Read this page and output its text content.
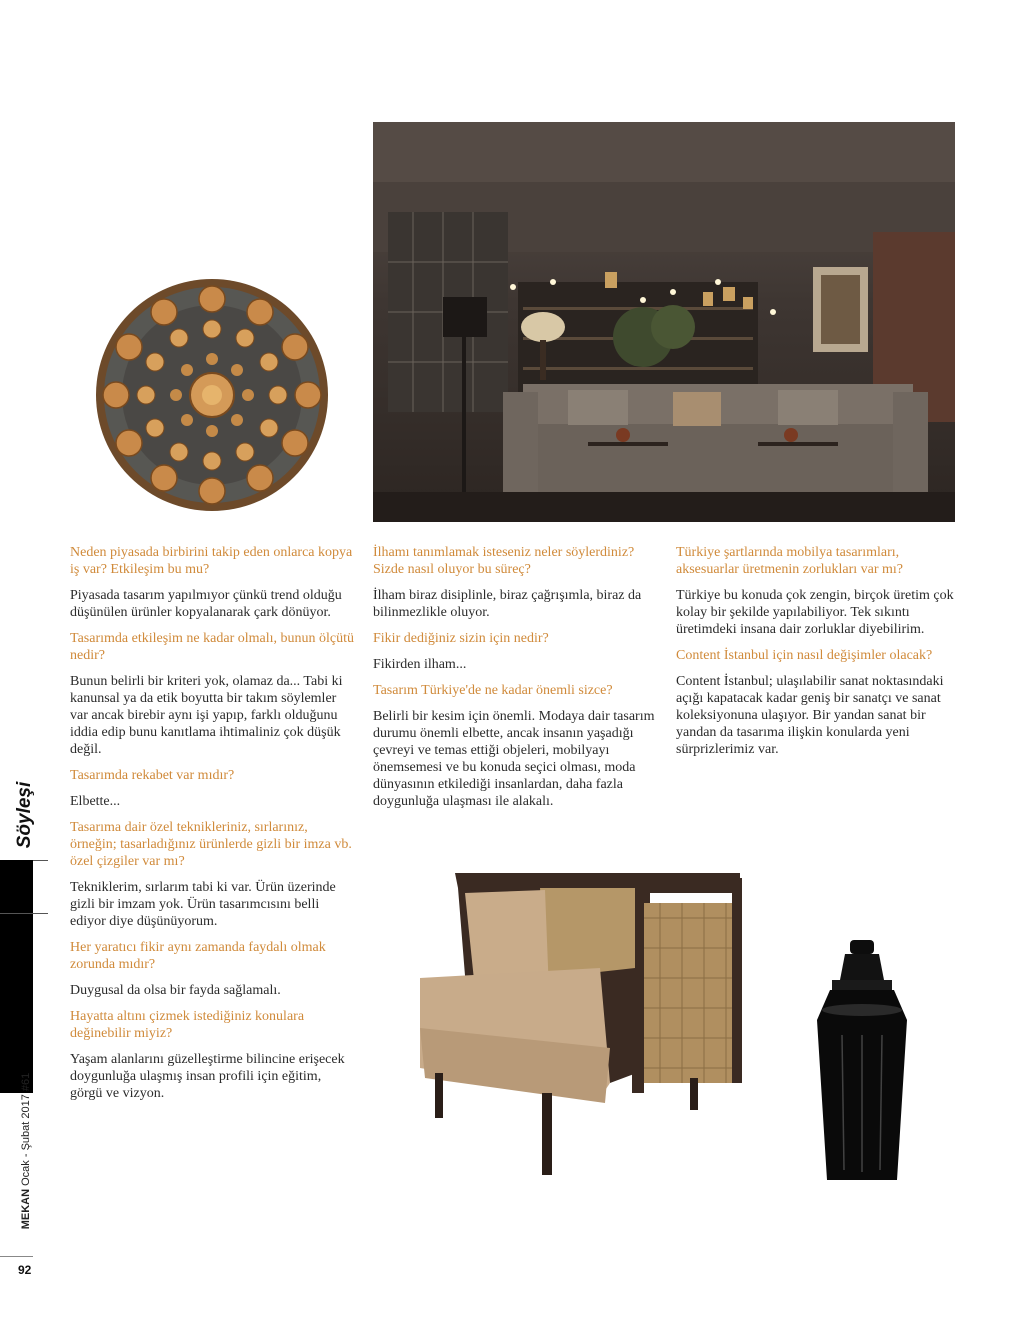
Söyleşi
MEKAN Ocak - Şubat 2017 #61
92

Neden piyasada birbirini takip eden onlarca kopya iş var? Etkileşim bu mu?

Piyasada tasarım yapılmıyor çünkü trend olduğu düşünülen ürünler kopyalanarak çark dönüyor.

Tasarımda etkileşim ne kadar olmalı, bunun ölçütü nedir?

Bunun belirli bir kriteri yok, olamaz da... Tabi ki kanunsal ya da etik boyutta bir takım söylemler var ancak birebir aynı işi yapıp, farklı olduğunu iddia edip bunu kanıtlama ihtimaliniz çok düşük değil.

Tasarımda rekabet var mıdır?

Elbette...

Tasarıma dair özel teknikleriniz, sırlarınız, örneğin; tasarladığınız ürünlerde gizli bir imza vb. özel çizgiler var mı?

Tekniklerim, sırlarım tabi ki var. Ürün üzerinde gizli bir imzam yok. Ürün tasarımcısını belli ediyor diye düşünüyorum.

Her yaratıcı fikir aynı zamanda faydalı olmak zorunda mıdır?

Duygusal da olsa bir fayda sağlamalı.

Hayatta altını çizmek istediğiniz konulara değinebilir miyiz?

Yaşam alanlarını güzelleştirme bilincine erişecek doygunluğa ulaşmış insan profili için eğitim, görgü ve vizyon.

İlhamı tanımlamak isteseniz neler söylerdiniz? Sizde nasıl oluyor bu süreç?

İlham biraz disiplinle, biraz çağrışımla, biraz da bilinmezlikle oluyor.

Fikir dediğiniz sizin için nedir?

Fikirden ilham...

Tasarım Türkiye'de ne kadar önemli sizce?

Belirli bir kesim için önemli. Modaya dair tasarım durumu önemli elbette, ancak insanın yaşadığı çevreyi ve temas ettiği objeleri, mobilyayı önemsemesi ve bu konuda seçici olması, moda dünyasının etkilediği insanlardan, daha fazla doygunluğa ulaşması ile alakalı.

Türkiye şartlarında mobilya tasarımları, aksesuarlar üretmenin zorlukları var mı?

Türkiye bu konuda çok zengin, birçok üretim çok kolay bir şekilde yapılabiliyor. Tek sıkıntı üretimdeki insana dair zorluklar diyebilirim.

Content İstanbul için nasıl değişimler olacak?

Content İstanbul; ulaşılabilir sanat noktasındaki açığı kapatacak kadar geniş bir sanatçı ve sanat koleksiyonuna ulaşıyor. Bir yandan sanat bir yandan da tasarıma ilişkin konularda yeni sürprizlerimiz var.
